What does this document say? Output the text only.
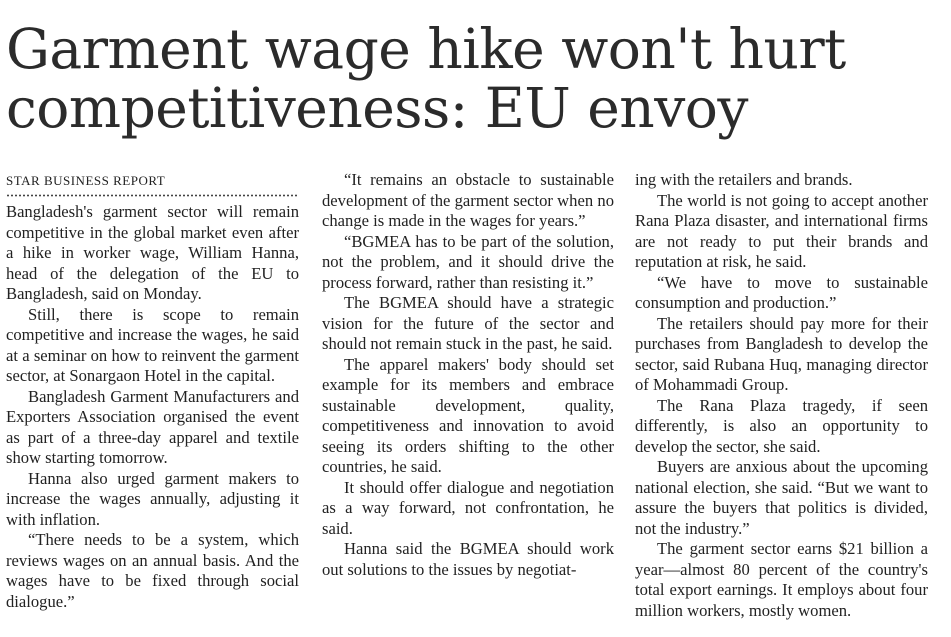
Garment wage hike won't hurt competitiveness: EU envoy

STAR BUSINESS REPORT

Bangladesh's garment sector will remain competitive in the global market even after a hike in worker wage, William Hanna, head of the delegation of the EU to Bangladesh, said on Monday.

Still, there is scope to remain competitive and increase the wages, he said at a seminar on how to reinvent the garment sector, at Sonargaon Hotel in the capital.

Bangladesh Garment Manufacturers and Exporters Association organised the event as part of a three-day apparel and textile show starting tomorrow.

Hanna also urged garment makers to increase the wages annually, adjusting it with inflation.

“There needs to be a system, which reviews wages on an annual basis. And the wages have to be fixed through social dialogue.”

“It remains an obstacle to sustainable development of the garment sector when no change is made in the wages for years.”

“BGMEA has to be part of the solution, not the problem, and it should drive the process forward, rather than resisting it.”

The BGMEA should have a strategic vision for the future of the sector and should not remain stuck in the past, he said.

The apparel makers' body should set example for its members and embrace sustainable development, quality, competitiveness and innovation to avoid seeing its orders shifting to the other countries, he said.

It should offer dialogue and negotiation as a way forward, not confrontation, he said.

Hanna said the BGMEA should work out solutions to the issues by negotiat-

ing with the retailers and brands.

The world is not going to accept another Rana Plaza disaster, and international firms are not ready to put their brands and reputation at risk, he said.

“We have to move to sustainable consumption and production.”

The retailers should pay more for their purchases from Bangladesh to develop the sector, said Rubana Huq, managing director of Mohammadi Group.

The Rana Plaza tragedy, if seen differently, is also an opportunity to develop the sector, she said.

Buyers are anxious about the upcoming national election, she said. “But we want to assure the buyers that politics is divided, not the industry.”

The garment sector earns $21 billion a year—almost 80 percent of the country's total export earnings. It employs about four million workers, mostly women.
